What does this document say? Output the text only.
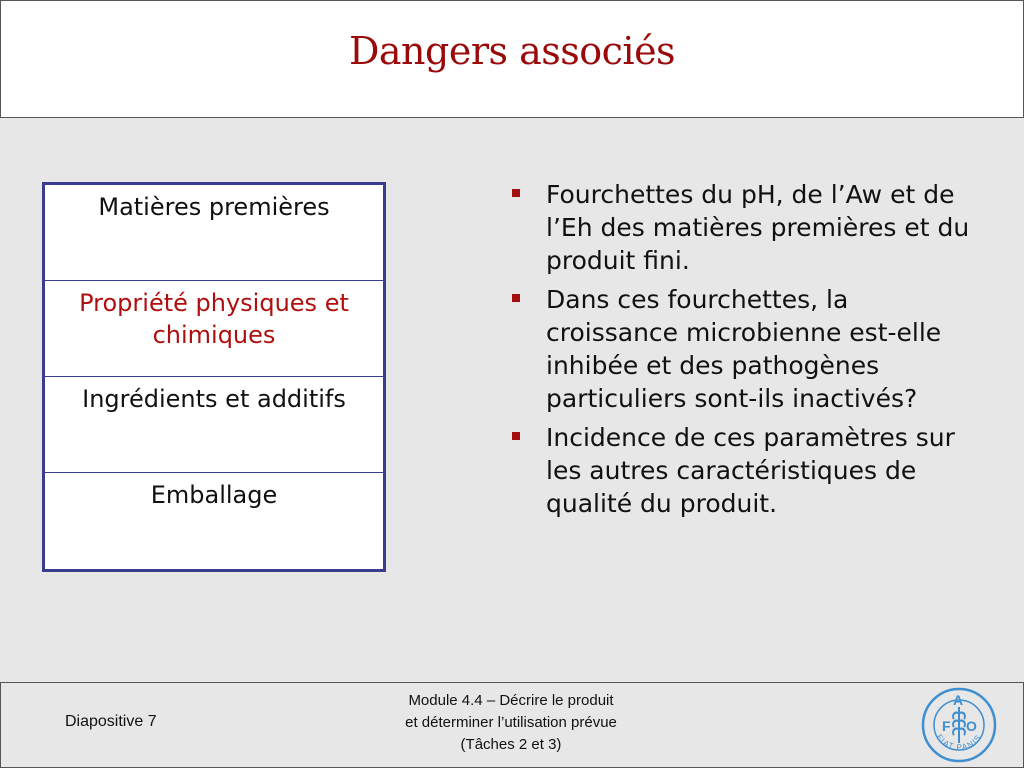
Dangers associés
Matières premières
Propriété physiques et chimiques
Ingrédients et additifs
Emballage
Fourchettes du pH, de l’Aw et de l’Eh des matières premières et du produit fini.
Dans ces fourchettes, la croissance microbienne est-elle inhibée et des pathogènes particuliers sont-ils inactivés?
Incidence de ces paramètres sur les autres caractéristiques de qualité du produit.
Diapositive 7
Module 4.4 – Décrire le produit
et déterminer l’utilisation prévue
(Tâches 2 et 3)
F
A
O
FIAT PANIS
